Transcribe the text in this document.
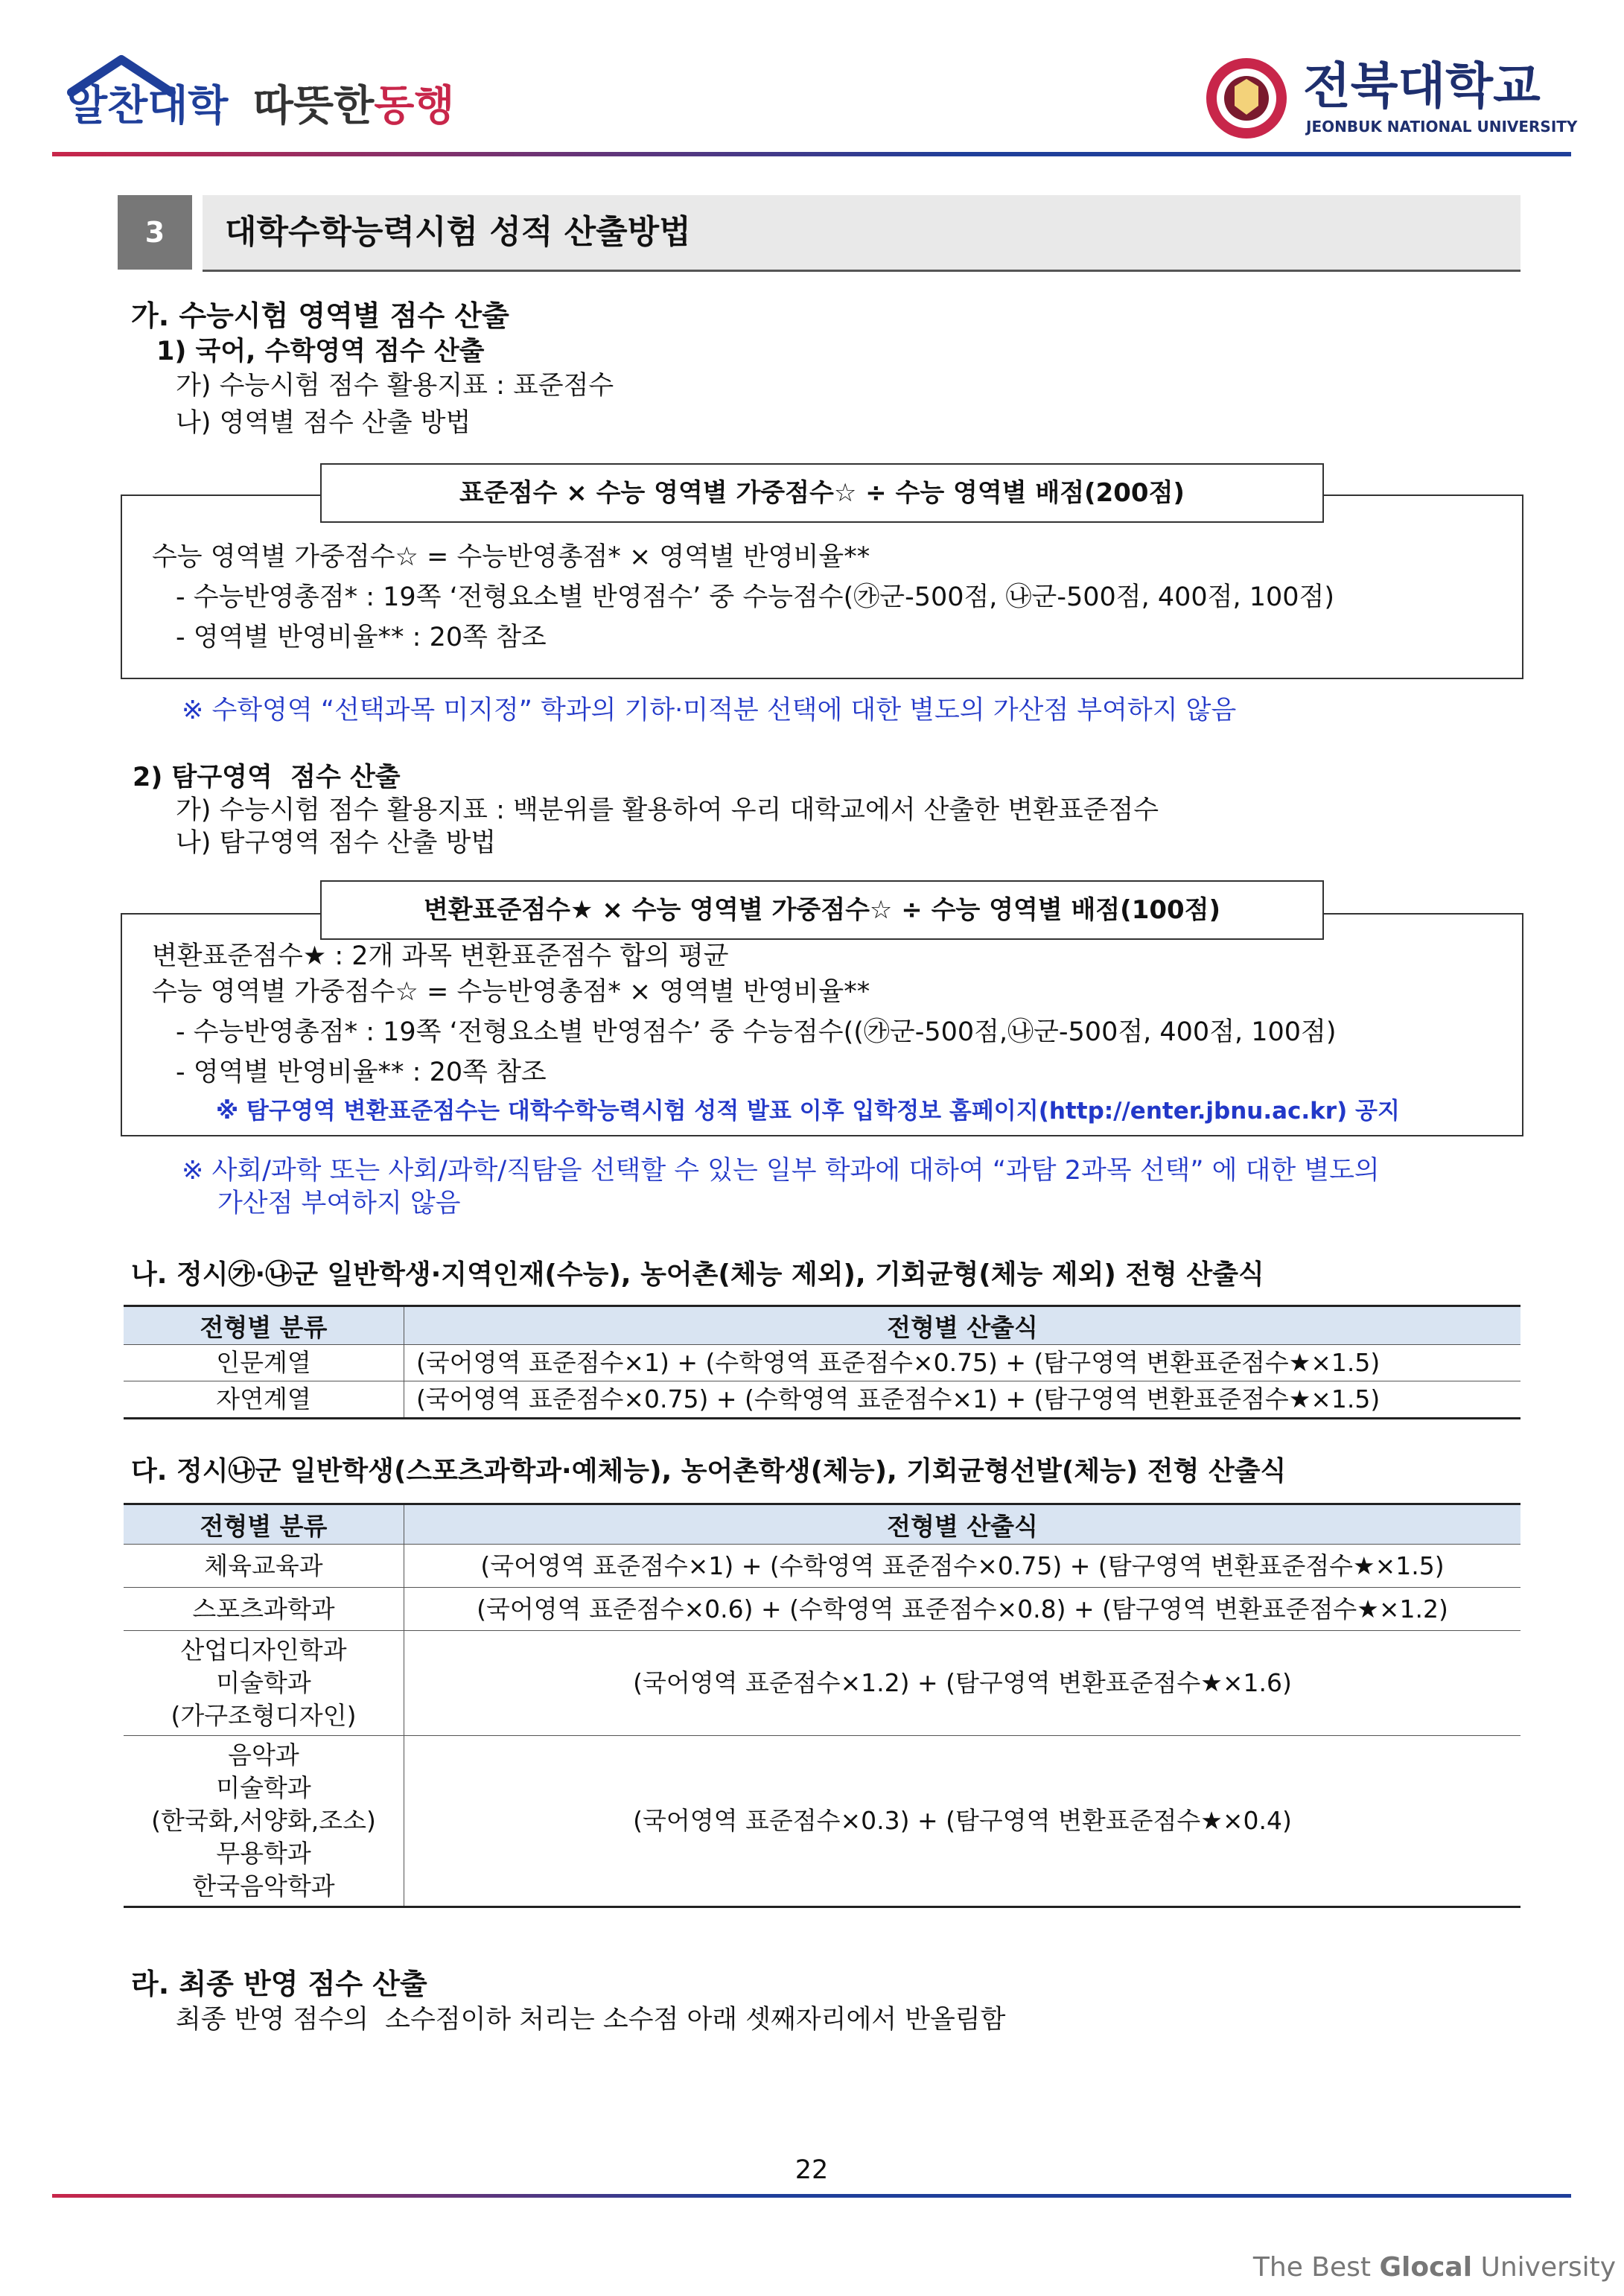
알찬대학 따뜻한동행	전북대학교
JEONBUK NATIONAL UNIVERSITY
3	대학수학능력시험 성적 산출방법
가. 수능시험 영역별 점수 산출
1) 국어, 수학영역 점수 산출
가) 수능시험 점수 활용지표 : 표준점수
나) 영역별 점수 산출 방법
표준점수 × 수능 영역별 가중점수☆ ÷ 수능 영역별 배점(200점)
수능 영역별 가중점수☆ = 수능반영총점* × 영역별 반영비율**
- 수능반영총점* : 19쪽 ‘전형요소별 반영점수’ 중 수능점수(㉮군-500점, ㉯군-500점, 400점, 100점)
- 영역별 반영비율** : 20쪽 참조
※ 수학영역 “선택과목 미지정” 학과의 기하·미적분 선택에 대한 별도의 가산점 부여하지 않음
2) 탐구영역  점수 산출
가) 수능시험 점수 활용지표 : 백분위를 활용하여 우리 대학교에서 산출한 변환표준점수
나) 탐구영역 점수 산출 방법
변환표준점수★ × 수능 영역별 가중점수☆ ÷ 수능 영역별 배점(100점)
변환표준점수★ : 2개 과목 변환표준점수 합의 평균
수능 영역별 가중점수☆ = 수능반영총점* × 영역별 반영비율**
- 수능반영총점* : 19쪽 ‘전형요소별 반영점수’ 중 수능점수((㉮군-500점,㉯군-500점, 400점, 100점)
- 영역별 반영비율** : 20쪽 참조
※ 탐구영역 변환표준점수는 대학수학능력시험 성적 발표 이후 입학정보 홈페이지(http://enter.jbnu.ac.kr) 공지
※ 사회/과학 또는 사회/과학/직탐을 선택할 수 있는 일부 학과에 대하여 “과탐 2과목 선택” 에 대한 별도의
가산점 부여하지 않음
나. 정시㉮·㉯군 일반학생·지역인재(수능), 농어촌(체능 제외), 기회균형(체능 제외) 전형 산출식
전형별 분류	전형별 산출식
인문계열	(국어영역 표준점수×1) + (수학영역 표준점수×0.75) + (탐구영역 변환표준점수★×1.5)
자연계열	(국어영역 표준점수×0.75) + (수학영역 표준점수×1) + (탐구영역 변환표준점수★×1.5)
다. 정시㉯군 일반학생(스포츠과학과·예체능), 농어촌학생(체능), 기회균형선발(체능) 전형 산출식
전형별 분류	전형별 산출식
체육교육과	(국어영역 표준점수×1) + (수학영역 표준점수×0.75) + (탐구영역 변환표준점수★×1.5)
스포츠과학과	(국어영역 표준점수×0.6) + (수학영역 표준점수×0.8) + (탐구영역 변환표준점수★×1.2)

산업디자인학과
미술학과
(가구조형디자인)	(국어영역 표준점수×1.2) + (탐구영역 변환표준점수★×1.6)

음악과
미술학과
(한국화,서양화,조소)
무용학과
한국음악학과	(국어영역 표준점수×0.3) + (탐구영역 변환표준점수★×0.4)
라. 최종 반영 점수 산출
최종 반영 점수의  소수점이하 처리는 소수점 아래 셋째자리에서 반올림함
22

The Best Glocal University
